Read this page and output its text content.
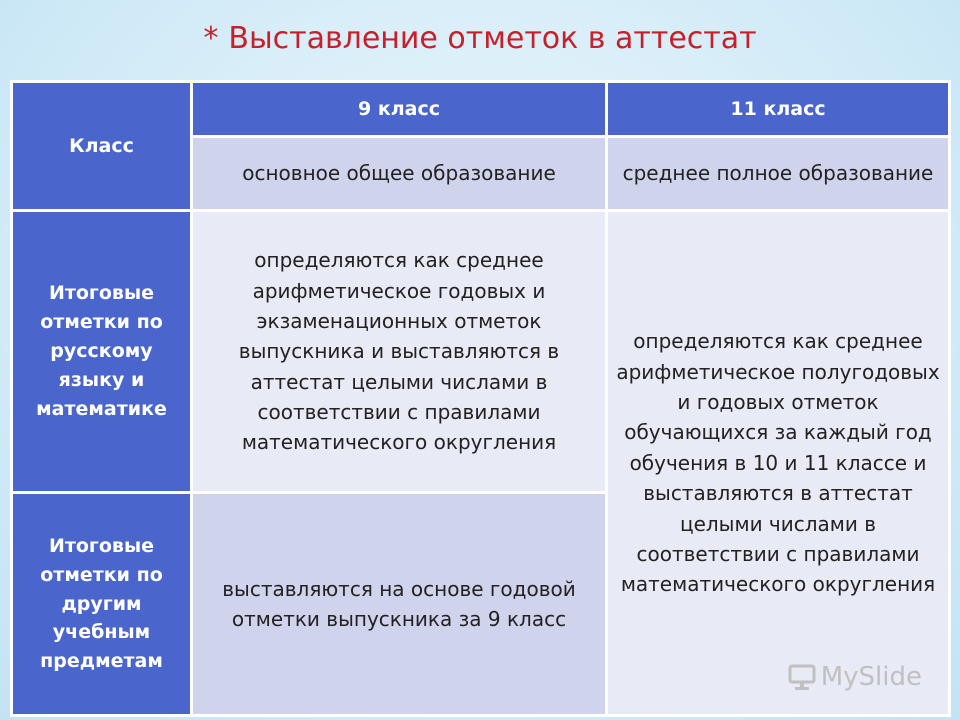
* Выставление отметок в аттестат
Класс	9 класс	11 класс
	основное общее образование	среднее полное образование
Итоговые отметки по русскому языку и математике	определяются как среднее арифметическое годовых и экзаменационных отметок выпускника и выставляются в аттестат целыми числами в соответствии с правилами математического округления	определяются как среднее арифметическое полугодовых и годовых отметок обучающихся за каждый год обучения в 10 и 11 классе и выставляются в аттестат целыми числами в соответствии с правилами математического округления
Итоговые отметки по другим учебным предметам	выставляются на основе годовой отметки выпускника за 9 класс	
MySlide
